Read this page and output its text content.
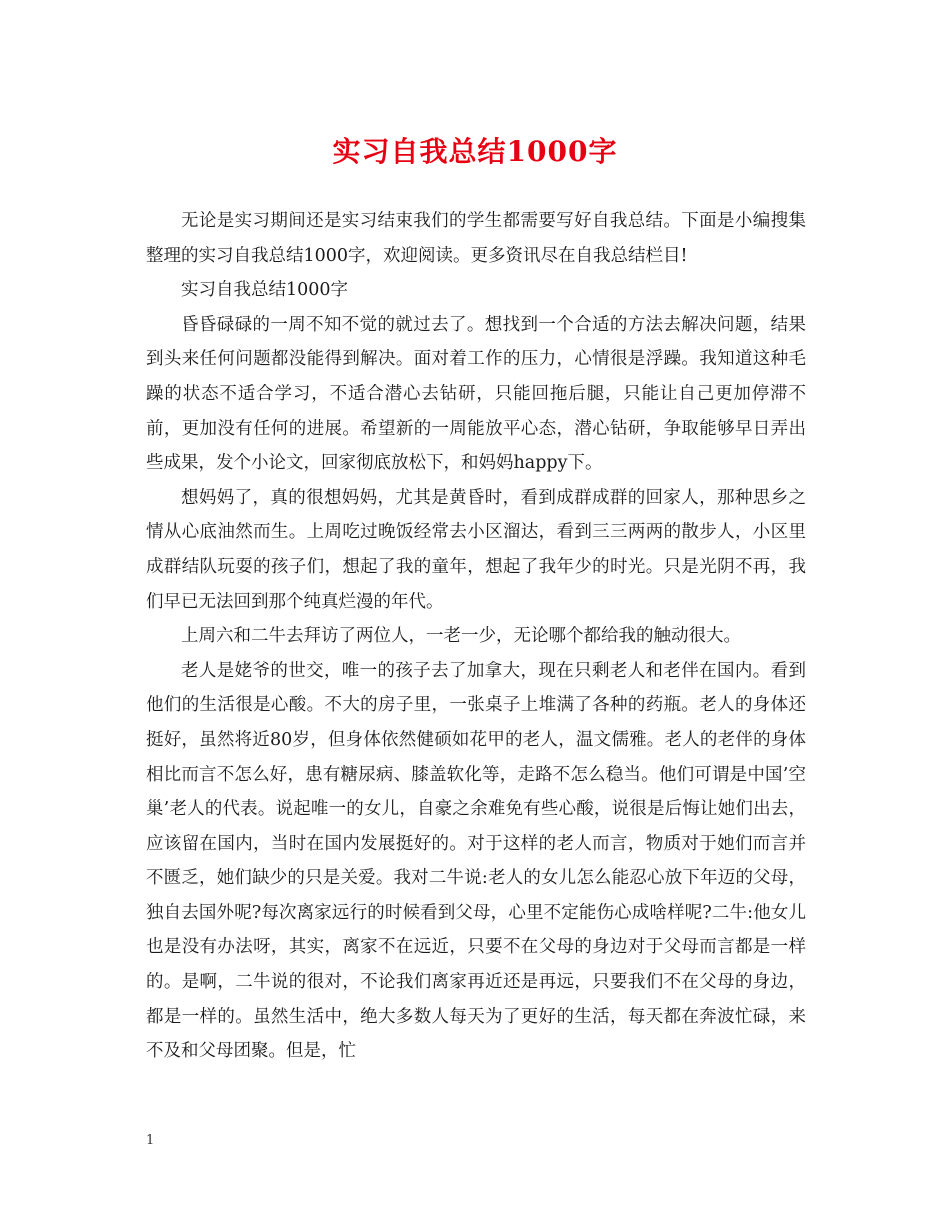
实习自我总结1000字

无论是实习期间还是实习结束我们的学生都需要写好自我总结。下面是小编搜集整理的实习自我总结1000字，欢迎阅读。更多资讯尽在自我总结栏目!

实习自我总结1000字

昏昏碌碌的一周不知不觉的就过去了。想找到一个合适的方法去解决问题，结果到头来任何问题都没能得到解决。面对着工作的压力，心情很是浮躁。我知道这种毛躁的状态不适合学习，不适合潜心去钻研，只能回拖后腿，只能让自己更加停滞不前，更加没有任何的进展。希望新的一周能放平心态，潜心钻研，争取能够早日弄出些成果，发个小论文，回家彻底放松下，和妈妈happy下。

想妈妈了，真的很想妈妈，尤其是黄昏时，看到成群成群的回家人，那种思乡之情从心底油然而生。上周吃过晚饭经常去小区溜达，看到三三两两的散步人，小区里成群结队玩耍的孩子们，想起了我的童年，想起了我年少的时光。只是光阴不再，我们早已无法回到那个纯真烂漫的年代。

上周六和二牛去拜访了两位人，一老一少，无论哪个都给我的触动很大。

老人是姥爷的世交，唯一的孩子去了加拿大，现在只剩老人和老伴在国内。看到他们的生活很是心酸。不大的房子里，一张桌子上堆满了各种的药瓶。老人的身体还挺好，虽然将近80岁，但身体依然健硕如花甲的老人，温文儒雅。老人的老伴的身体相比而言不怎么好，患有糖尿病、膝盖软化等，走路不怎么稳当。他们可谓是中国’空巢’老人的代表。说起唯一的女儿，自豪之余难免有些心酸，说很是后悔让她们出去，应该留在国内，当时在国内发展挺好的。对于这样的老人而言，物质对于她们而言并不匮乏，她们缺少的只是关爱。我对二牛说:老人的女儿怎么能忍心放下年迈的父母，独自去国外呢?每次离家远行的时候看到父母，心里不定能伤心成啥样呢?二牛:他女儿也是没有办法呀，其实，离家不在远近，只要不在父母的身边对于父母而言都是一样的。是啊，二牛说的很对，不论我们离家再近还是再远，只要我们不在父母的身边，都是一样的。虽然生活中，绝大多数人每天为了更好的生活，每天都在奔波忙碌，来不及和父母团聚。但是，忙

1
